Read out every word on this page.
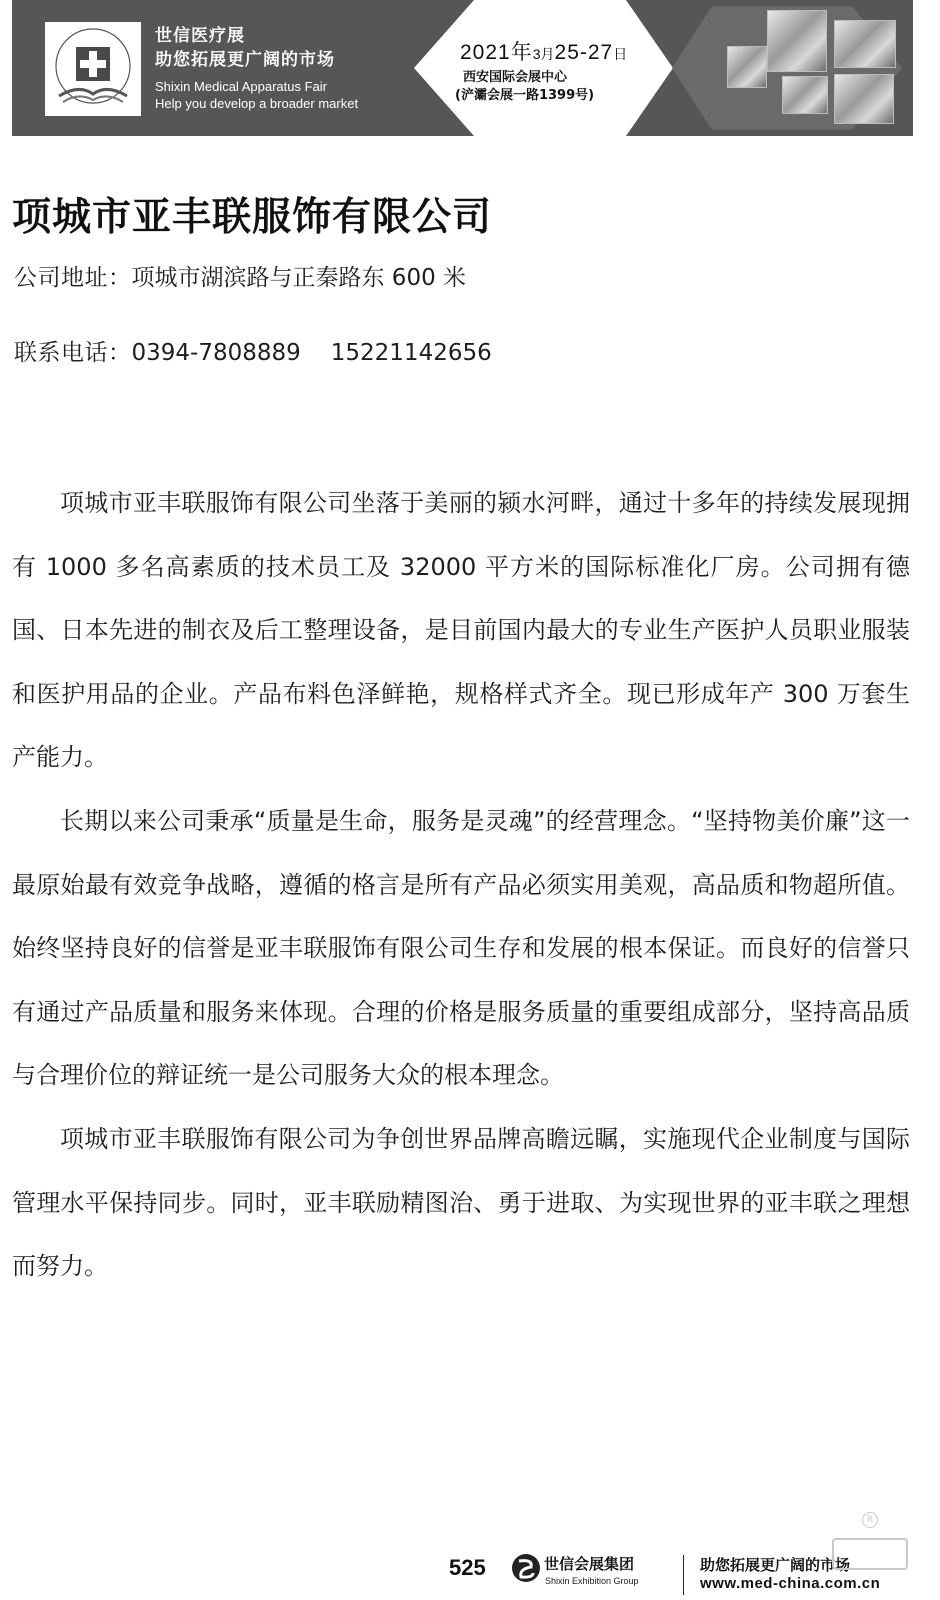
世信医疗展
助您拓展更广阔的市场
Shixin Medical Apparatus Fair
Help you develop a broader market
2021年3月25-27日
西安国际会展中心
(浐灞会展一路1399号)
项城市亚丰联服饰有限公司
公司地址：项城市湖滨路与正秦路东 600 米
联系电话：0394-7808889 15221142656

项城市亚丰联服饰有限公司坐落于美丽的颍水河畔，通过十多年的持续发展现拥有 1000 多名高素质的技术员工及 32000 平方米的国际标准化厂房。公司拥有德国、日本先进的制衣及后工整理设备，是目前国内最大的专业生产医护人员职业服装和医护用品的企业。产品布料色泽鲜艳，规格样式齐全。现已形成年产 300 万套生产能力。

长期以来公司秉承“质量是生命，服务是灵魂”的经营理念。“坚持物美价廉”这一最原始最有效竞争战略，遵循的格言是所有产品必须实用美观，高品质和物超所值。始终坚持良好的信誉是亚丰联服饰有限公司生存和发展的根本保证。而良好的信誉只有通过产品质量和服务来体现。合理的价格是服务质量的重要组成部分，坚持高品质与合理价位的辩证统一是公司服务大众的根本理念。

项城市亚丰联服饰有限公司为争创世界品牌高瞻远瞩，实施现代企业制度与国际管理水平保持同步。同时，亚丰联励精图治、勇于进取、为实现世界的亚丰联之理想而努力。

525	世信会展集团
Shixin Exhibition Group
助您拓展更广阔的市场
www.med-china.com.cn
R
